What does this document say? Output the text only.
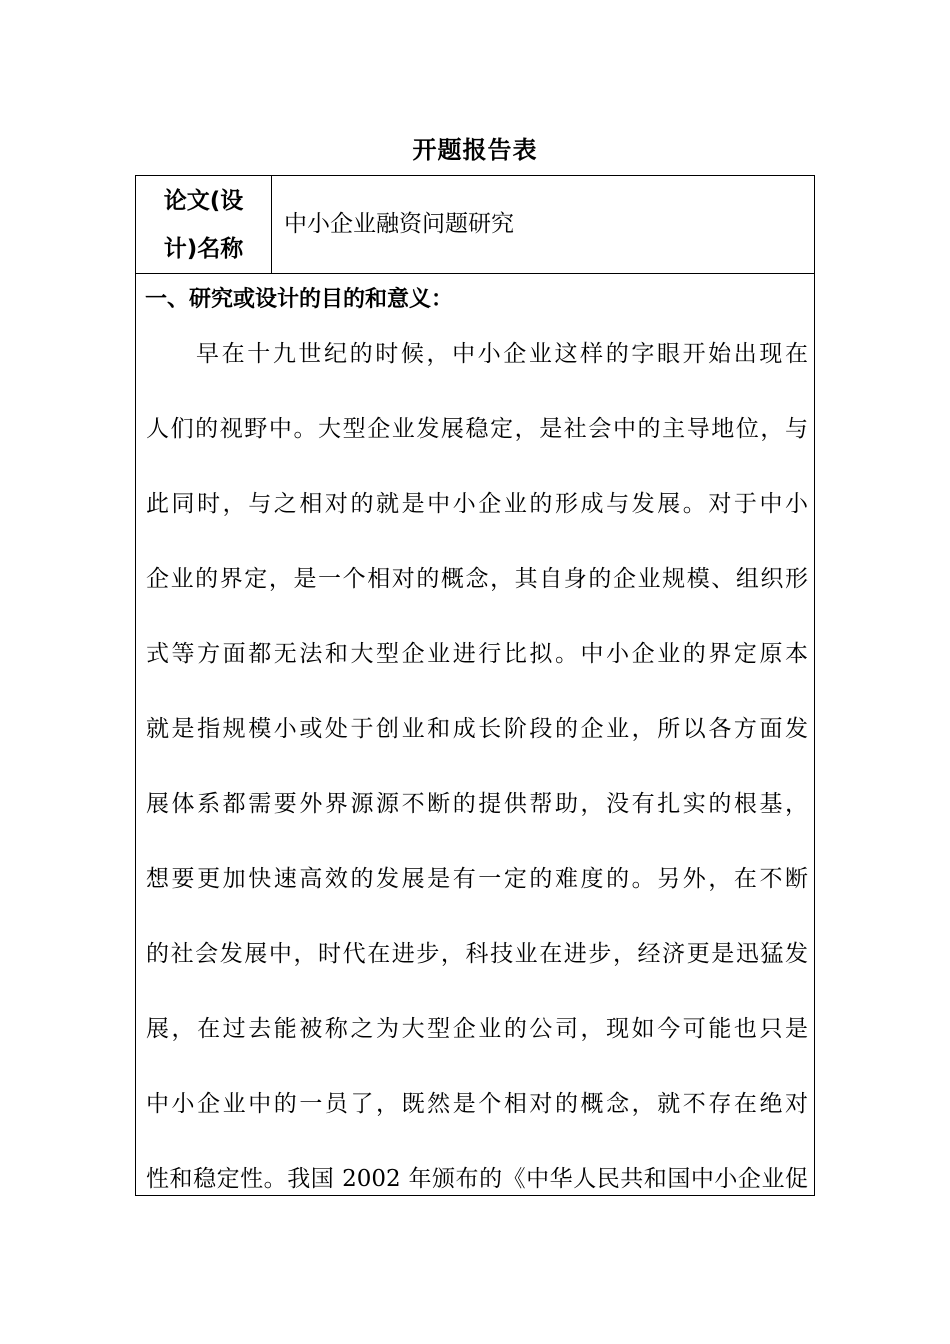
开题报告表
论文(设
计)名称
中小企业融资问题研究
一、研究或设计的目的和意义：
早在十九世纪的时候，中小企业这样的字眼开始出现在
人们的视野中。大型企业发展稳定，是社会中的主导地位，与
此同时，与之相对的就是中小企业的形成与发展。对于中小
企业的界定，是一个相对的概念，其自身的企业规模、组织形
式等方面都无法和大型企业进行比拟。中小企业的界定原本
就是指规模小或处于创业和成长阶段的企业，所以各方面发
展体系都需要外界源源不断的提供帮助，没有扎实的根基，
想要更加快速高效的发展是有一定的难度的。另外，在不断
的社会发展中，时代在进步，科技业在进步，经济更是迅猛发
展，在过去能被称之为大型企业的公司，现如今可能也只是
中小企业中的一员了，既然是个相对的概念，就不存在绝对
性和稳定性。我国 2002 年颁布的《中华人民共和国中小企业促
